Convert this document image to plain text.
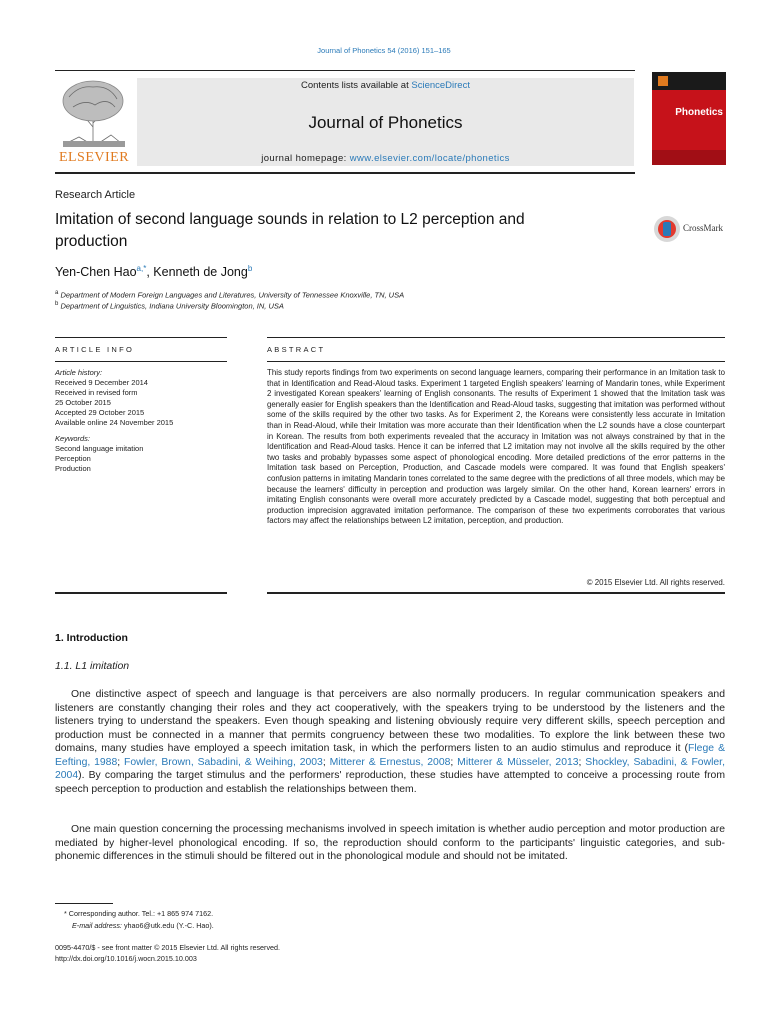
Journal of Phonetics 54 (2016) 151–165
ELSEVIER
Contents lists available at ScienceDirect
Journal of Phonetics
journal homepage: www.elsevier.com/locate/phonetics
Phonetics
Research Article
Imitation of second language sounds in relation to L2 perception and production
CrossMark
Yen-Chen Hao$^{a,*}$, Kenneth de Jong$^b$
$^a$ Department of Modern Foreign Languages and Literatures, University of Tennessee Knoxville, TN, USA
$^b$ Department of Linguistics, Indiana University Bloomington, IN, USA
ARTICLE INFO	ABSTRACT
Article history:
Received 9 December 2014
Received in revised form
25 October 2015
Accepted 29 October 2015
Available online 24 November 2015
Keywords:
Second language imitation
Perception
Production
This study reports findings from two experiments on second language learners, comparing their performance in an Imitation task to that in Identification and Read-Aloud tasks. Experiment 1 targeted English speakers' learning of Mandarin tones, while Experiment 2 investigated Korean speakers' learning of English consonants. The results of Experiment 1 showed that the Imitation task was generally easier for English speakers than the Identification and Read-Aloud tasks, suggesting that imitation was performed without some of the skills required by the other two tasks. As for Experiment 2, the Koreans were consistently less accurate in Imitation than in Read-Aloud, while their Imitation was more accurate than their Identification when the L2 sounds have a close counterpart in Korean. The results from both experiments revealed that the accuracy in Imitation was not always constrained by that in the Identification and Read-Aloud tasks. Hence it can be inferred that L2 imitation may not involve all the skills required by the other two tasks and probably bypasses some aspect of phonological encoding. More detailed predictions of the error patterns in the Imitation task based on Perception, Production, and Cascade models were compared. It was found that English speakers' confusion patterns in imitating Mandarin tones correlated to the same degree with the predictions of all three models, which may be because the learners' difficulty in perception and production was largely similar. On the other hand, Korean learners' errors in imitating English consonants were overall more accurately predicted by a Cascade model, suggesting that both perceptual and production imprecision aggravated imitation performance. The comparison of these two experiments corroborates that various factors may affect the relationships between L2 imitation, perception, and production.
© 2015 Elsevier Ltd. All rights reserved.
1. Introduction
1.1. L1 imitation
One distinctive aspect of speech and language is that perceivers are also normally producers. In regular communication speakers and listeners are constantly changing their roles and they act cooperatively, with the speakers trying to be understood by the listeners and the listeners trying to understand the speakers. Even though speaking and listening obviously require very different skills, speech perception and production must be connected in a manner that permits congruency between these two modalities. To explore the link between these two domains, many studies have employed a speech imitation task, in which the performers listen to an audio stimulus and reproduce it (Flege & Eefting, 1988; Fowler, Brown, Sabadini, & Weihing, 2003; Mitterer & Ernestus, 2008; Mitterer & Müsseler, 2013; Shockley, Sabadini, & Fowler, 2004). By comparing the target stimulus and the performers' reproduction, these studies have attempted to conceive a processing route from speech perception to production and establish the relationships between them.
One main question concerning the processing mechanisms involved in speech imitation is whether audio perception and motor production are mediated by higher-level phonological encoding. If so, the reproduction should conform to the participants' linguistic categories, and sub-phonemic differences in the stimuli should be filtered out in the phonological module and should not be imitated.
* Corresponding author. Tel.: +1 865 974 7162.
E-mail address: yhao6@utk.edu (Y.-C. Hao).
0095-4470/$ - see front matter © 2015 Elsevier Ltd. All rights reserved.
http://dx.doi.org/10.1016/j.wocn.2015.10.003
